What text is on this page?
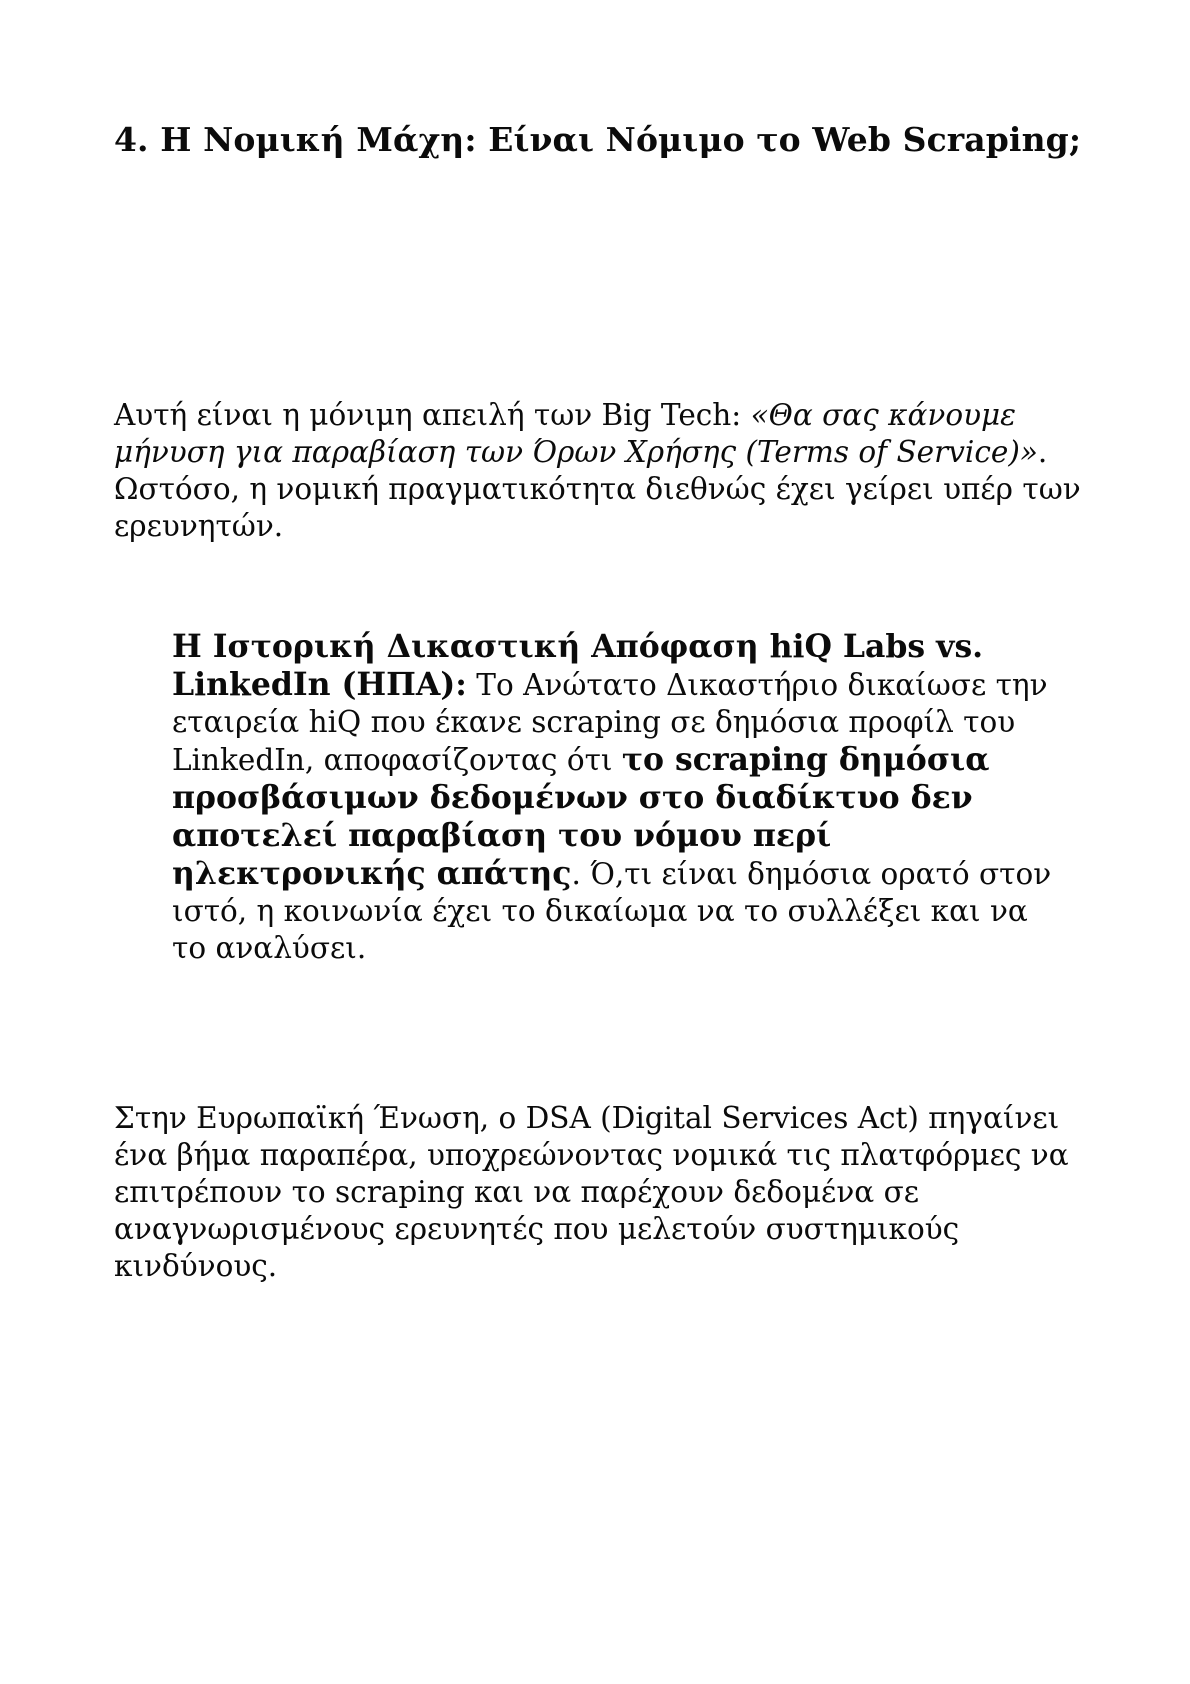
4. Η Νομική Μάχη: Είναι Νόμιμο το Web Scraping;

Αυτή είναι η μόνιμη απειλή των Big Tech: «Θα σας κάνουμε μήνυση για παραβίαση των Όρων Χρήσης (Terms of Service)». Ωστόσο, η νομική πραγματικότητα διεθνώς έχει γείρει υπέρ των ερευνητών.

Η Ιστορική Δικαστική Απόφαση hiQ Labs vs. LinkedIn (ΗΠΑ): Το Ανώτατο Δικαστήριο δικαίωσε την εταιρεία hiQ που έκανε scraping σε δημόσια προφίλ του LinkedIn, αποφασίζοντας ότι το scraping δημόσια προσβάσιμων δεδομένων στο διαδίκτυο δεν αποτελεί παραβίαση του νόμου περί ηλεκτρονικής απάτης. Ό,τι είναι δημόσια ορατό στον ιστό, η κοινωνία έχει το δικαίωμα να το συλλέξει και να το αναλύσει.

Στην Ευρωπαϊκή Ένωση, ο DSA (Digital Services Act) πηγαίνει ένα βήμα παραπέρα, υποχρεώνοντας νομικά τις πλατφόρμες να επιτρέπουν το scraping και να παρέχουν δεδομένα σε αναγνωρισμένους ερευνητές που μελετούν συστημικούς κινδύνους.
